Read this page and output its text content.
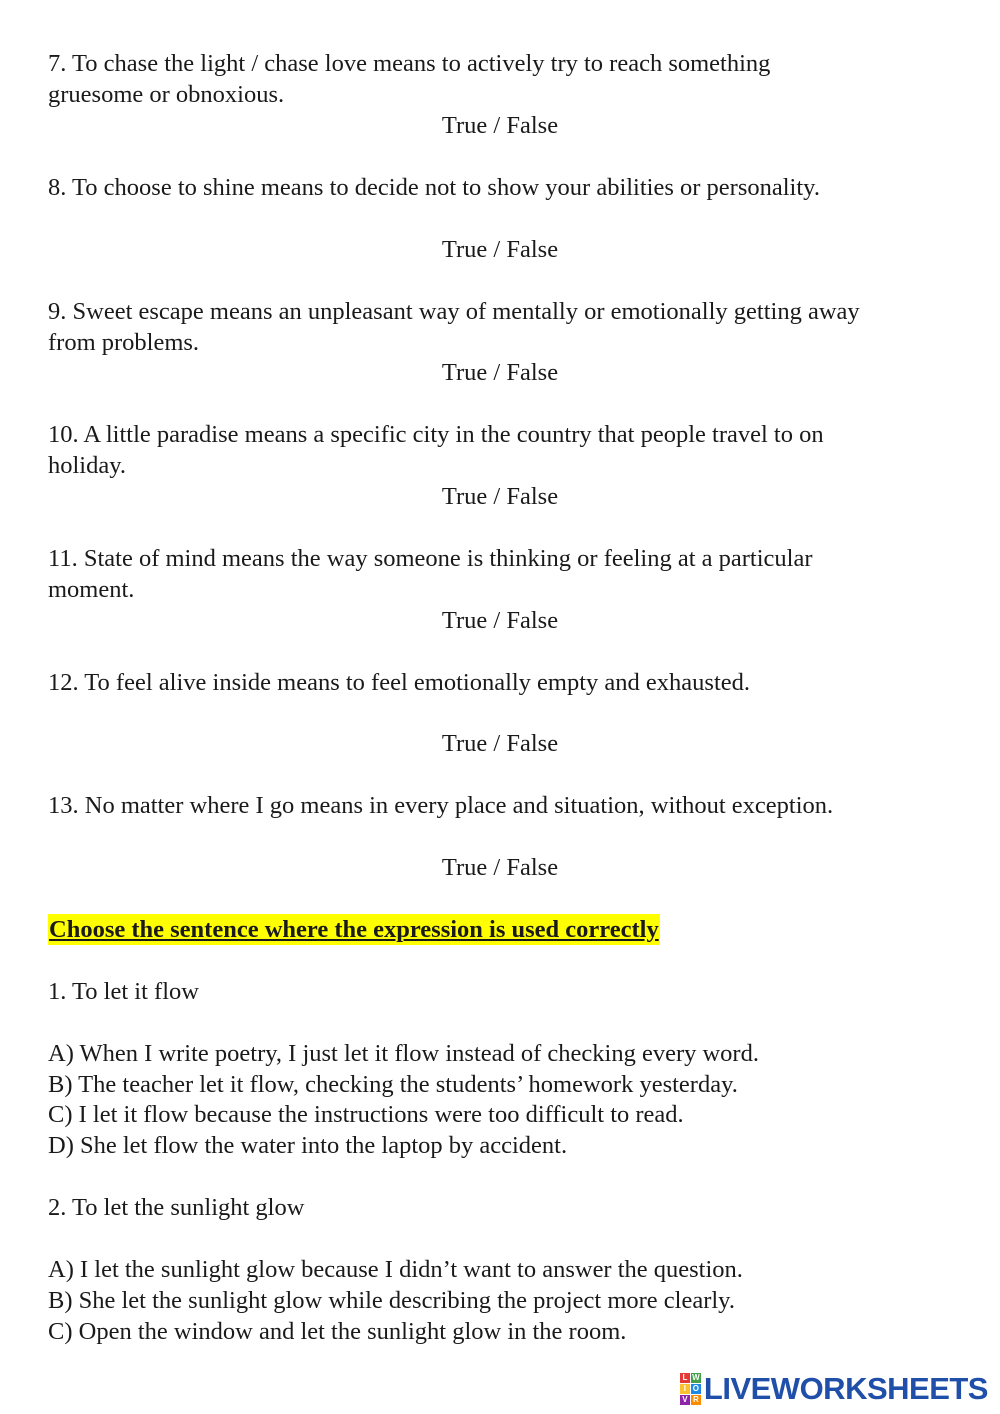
7. To chase the light / chase love means to actively try to reach something
gruesome or obnoxious.
True / False
8. To choose to shine means to decide not to show your abilities or personality.
True / False
9. Sweet escape means an unpleasant way of mentally or emotionally getting away
from problems.
True / False
10. A little paradise means a specific city in the country that people travel to on
holiday.
True / False
11. State of mind means the way someone is thinking or feeling at a particular
moment.
True / False
12. To feel alive inside means to feel emotionally empty and exhausted.
True / False
13. No matter where I go means in every place and situation, without exception.
True / False
Choose the sentence where the expression is used correctly
1. To let it flow
A) When I write poetry, I just let it flow instead of checking every word.
B) The teacher let it flow, checking the students’ homework yesterday.
C) I let it flow because the instructions were too difficult to read.
D) She let flow the water into the laptop by accident.
2. To let the sunlight glow
A) I let the sunlight glow because I didn’t want to answer the question.
B) She let the sunlight glow while describing the project more clearly.
C) Open the window and let the sunlight glow in the room.
L W
I O
V R LIVEWORKSHEETS
